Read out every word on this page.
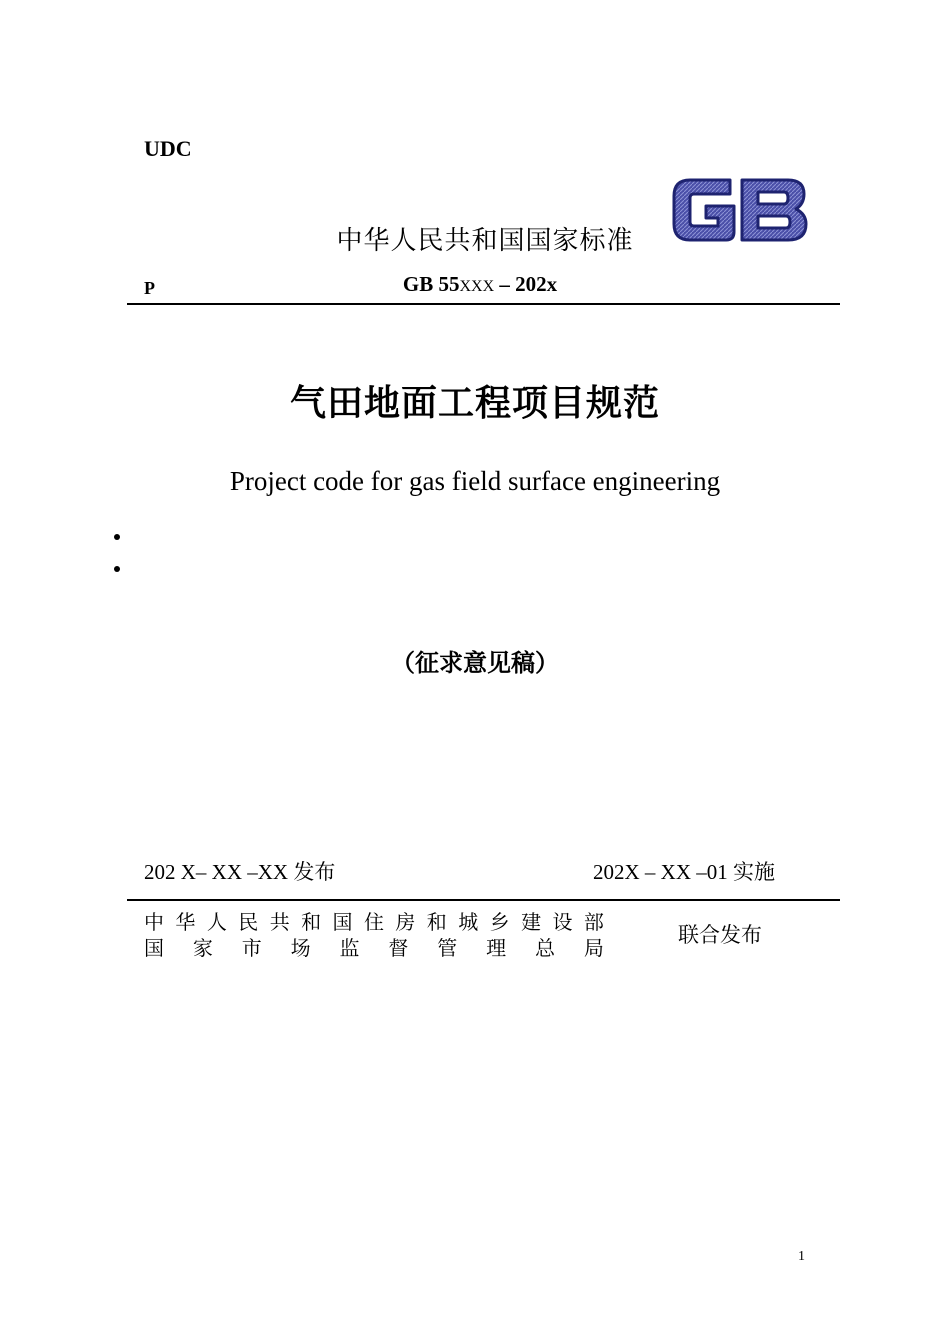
UDC
中华人民共和国国家标准
P	GB 55XXX – 202x
气田地面工程项目规范
Project code for gas field surface engineering
（征求意见稿）
202 X– XX –XX 发布	202X – XX –01 实施
中 华 人 民 共 和 国 住 房 和 城 乡 建 设 部
国 家 市 场 监 督 管 理 总 局
联合发布
1
